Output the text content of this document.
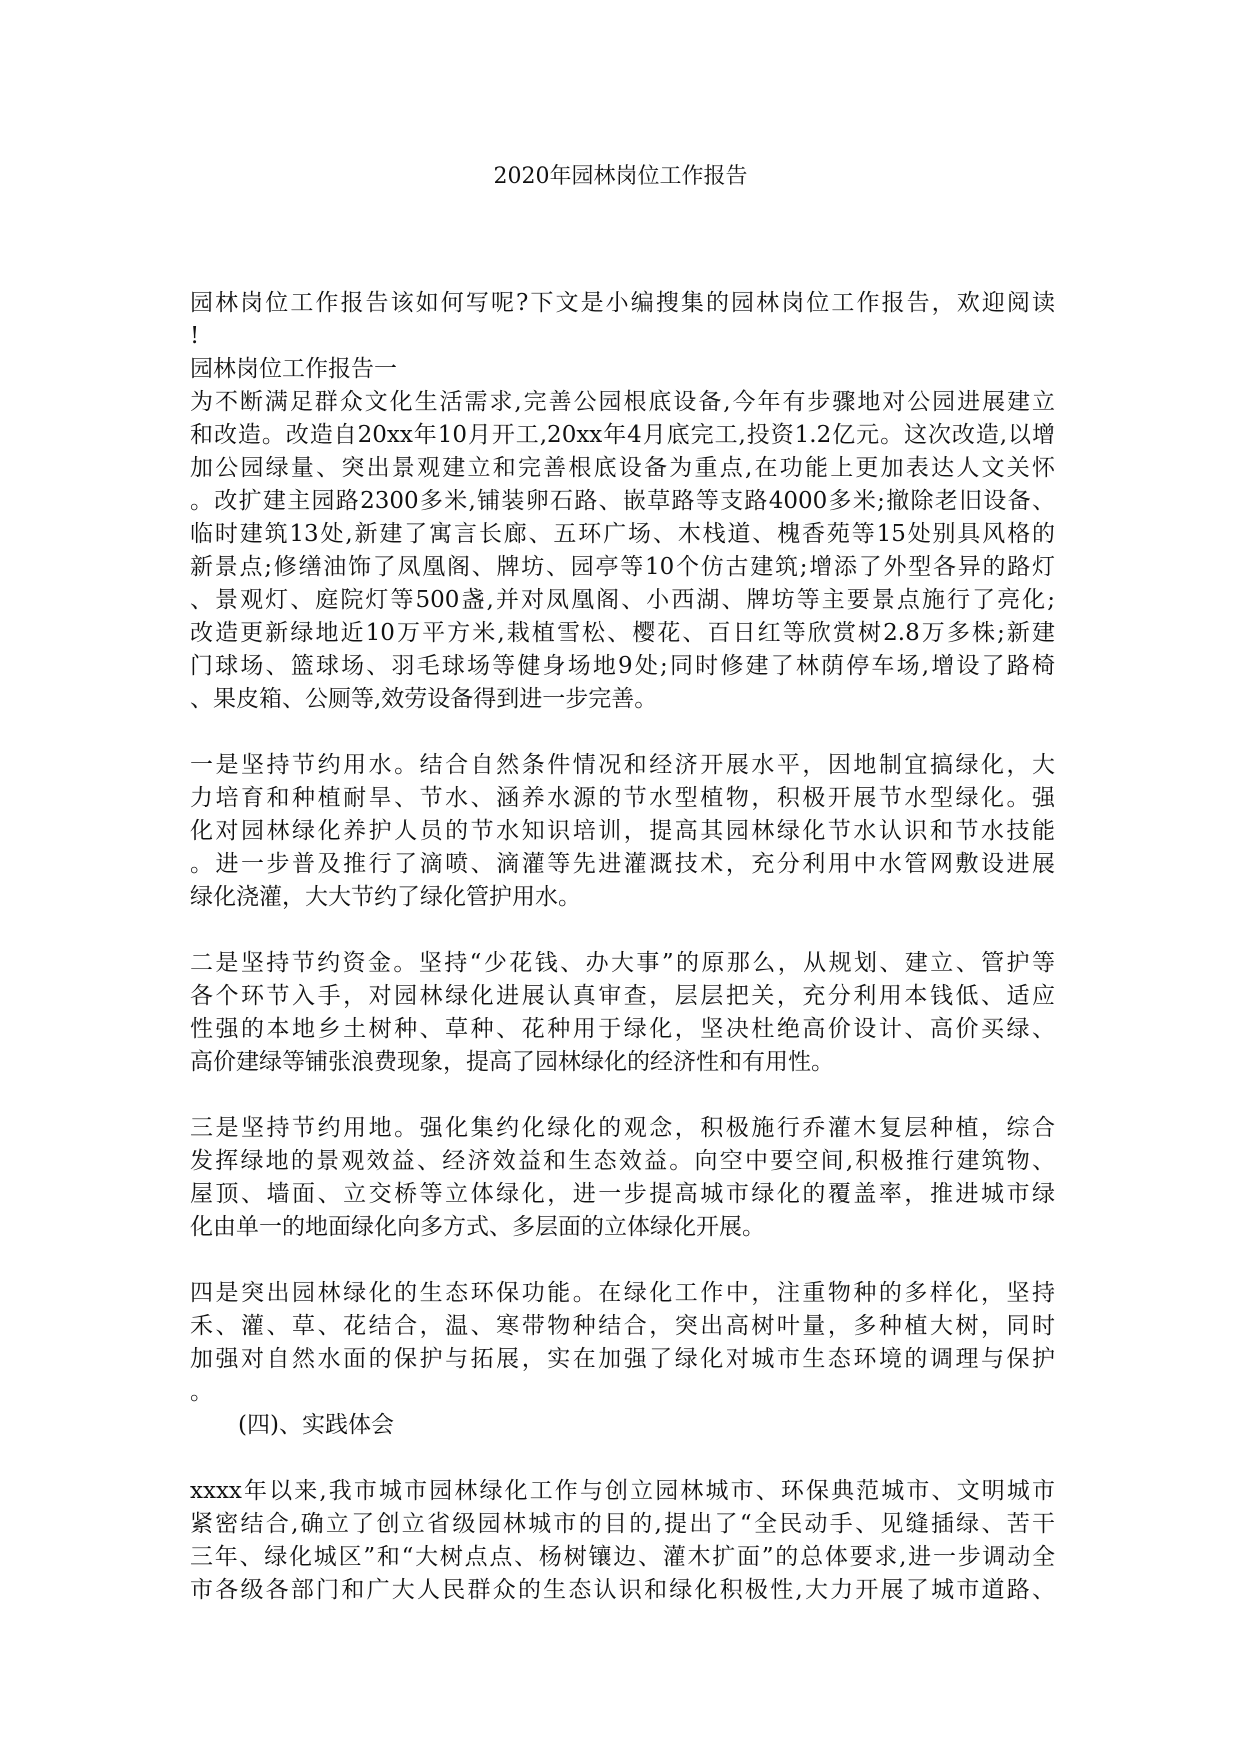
2020年园林岗位工作报告
园林岗位工作报告该如何写呢?下文是小编搜集的园林岗位工作报告，欢迎阅读
!
园林岗位工作报告一
为不断满足群众文化生活需求,完善公园根底设备,今年有步骤地对公园进展建立
和改造。改造自20xx年10月开工,20xx年4月底完工,投资1.2亿元。这次改造,以增
加公园绿量、突出景观建立和完善根底设备为重点,在功能上更加表达人文关怀
。改扩建主园路2300多米,铺装卵石路、嵌草路等支路4000多米;撤除老旧设备、
临时建筑13处,新建了寓言长廊、五环广场、木栈道、槐香苑等15处别具风格的
新景点;修缮油饰了凤凰阁、牌坊、园亭等10个仿古建筑;增添了外型各异的路灯
、景观灯、庭院灯等500盏,并对凤凰阁、小西湖、牌坊等主要景点施行了亮化;
改造更新绿地近10万平方米,栽植雪松、樱花、百日红等欣赏树2.8万多株;新建
门球场、篮球场、羽毛球场等健身场地9处;同时修建了林荫停车场,增设了路椅
、果皮箱、公厕等,效劳设备得到进一步完善。
一是坚持节约用水。结合自然条件情况和经济开展水平，因地制宜搞绿化，大
力培育和种植耐旱、节水、涵养水源的节水型植物，积极开展节水型绿化。强
化对园林绿化养护人员的节水知识培训，提高其园林绿化节水认识和节水技能
。进一步普及推行了滴喷、滴灌等先进灌溉技术，充分利用中水管网敷设进展
绿化浇灌，大大节约了绿化管护用水。
二是坚持节约资金。坚持“少花钱、办大事”的原那么，从规划、建立、管护等
各个环节入手，对园林绿化进展认真审查，层层把关，充分利用本钱低、适应
性强的本地乡土树种、草种、花种用于绿化，坚决杜绝高价设计、高价买绿、
高价建绿等铺张浪费现象，提高了园林绿化的经济性和有用性。
三是坚持节约用地。强化集约化绿化的观念，积极施行乔灌木复层种植，综合
发挥绿地的景观效益、经济效益和生态效益。向空中要空间,积极推行建筑物、
屋顶、墙面、立交桥等立体绿化，进一步提高城市绿化的覆盖率，推进城市绿
化由单一的地面绿化向多方式、多层面的立体绿化开展。
四是突出园林绿化的生态环保功能。在绿化工作中，注重物种的多样化，坚持
禾、灌、草、花结合，温、寒带物种结合，突出高树叶量，多种植大树，同时
加强对自然水面的保护与拓展，实在加强了绿化对城市生态环境的调理与保护
。
(四)、实践体会
xxxx年以来,我市城市园林绿化工作与创立园林城市、环保典范城市、文明城市
紧密结合,确立了创立省级园林城市的目的,提出了“全民动手、见缝插绿、苦干
三年、绿化城区”和“大树点点、杨树镶边、灌木扩面”的总体要求,进一步调动全
市各级各部门和广大人民群众的生态认识和绿化积极性,大力开展了城市道路、
